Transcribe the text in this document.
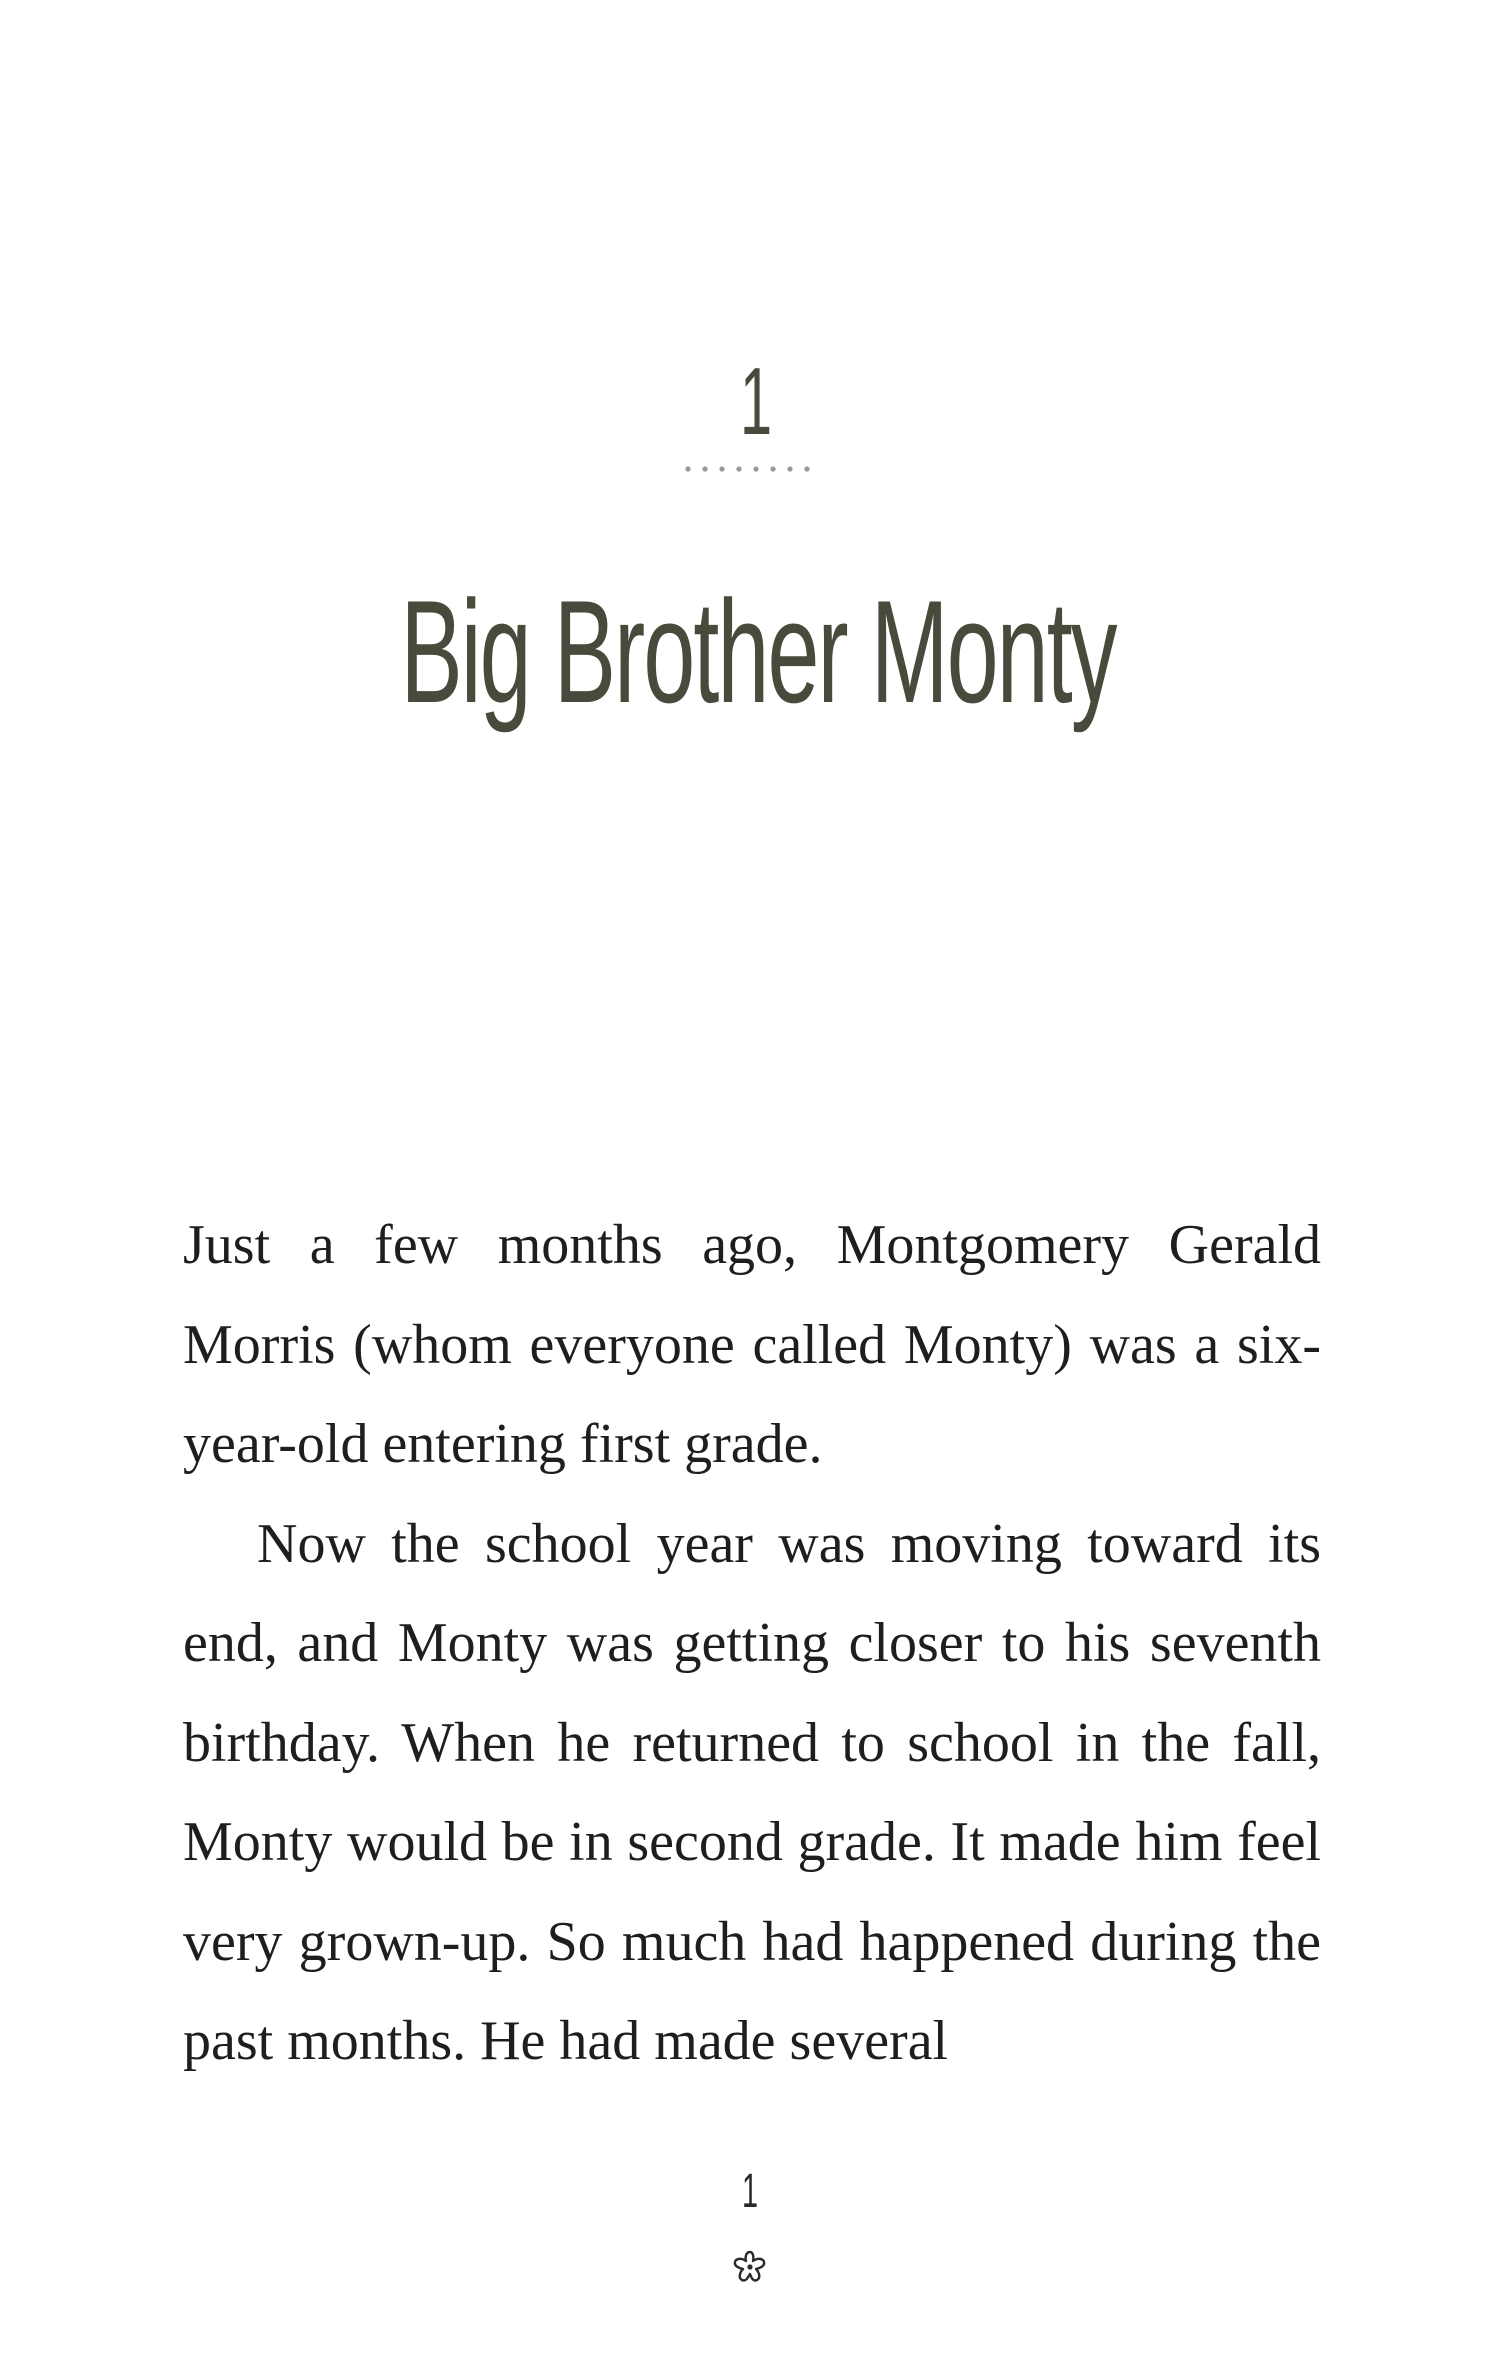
1
Big Brother Monty

Just a few months ago, Montgomery Gerald Morris (whom everyone called Monty) was a six-year-old entering first grade.

Now the school year was moving toward its end, and Monty was getting closer to his seventh birthday. When he returned to school in the fall, Monty would be in second grade. It made him feel very grown-up. So much had happened during the past months. He had made several

1
